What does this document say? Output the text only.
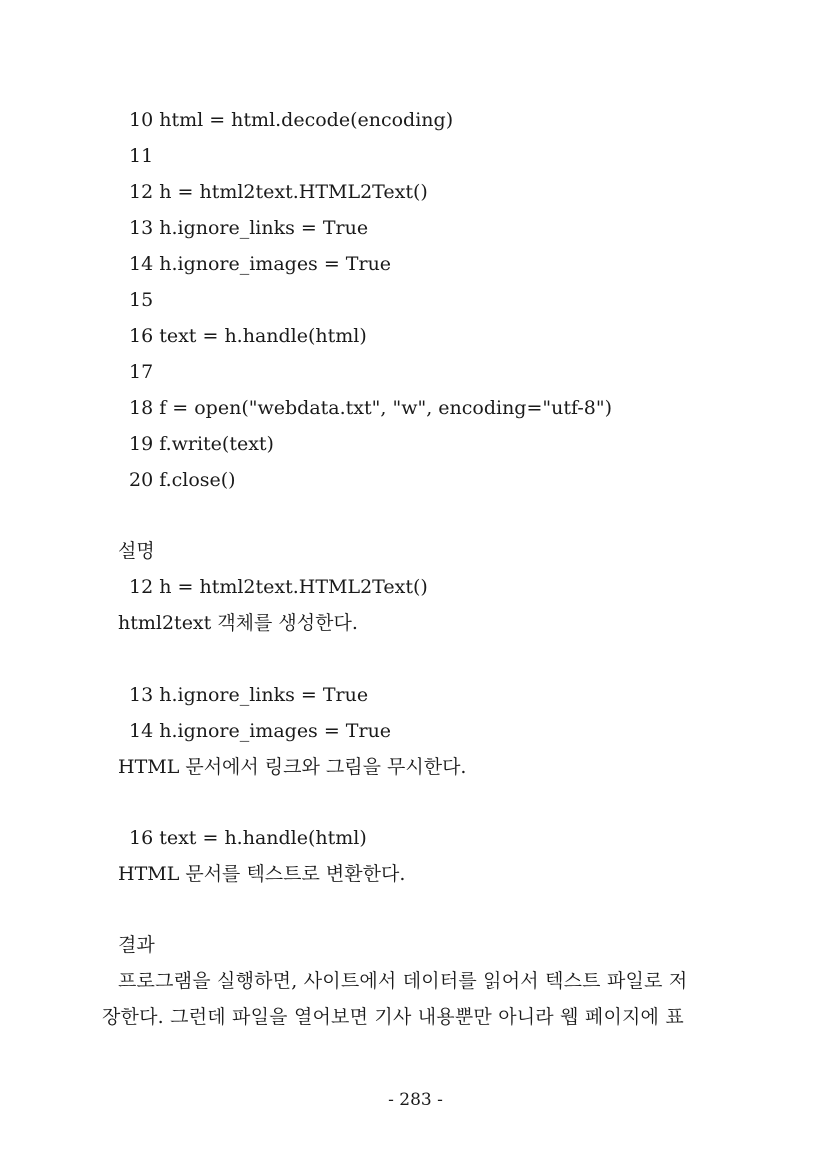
10 html = html.decode(encoding)

11

12 h = html2text.HTML2Text()

13 h.ignore_links = True

14 h.ignore_images = True

15

16 text = h.handle(html)

17

18 f = open("webdata.txt", "w", encoding="utf-8")

19 f.write(text)

20 f.close()

설명

12 h = html2text.HTML2Text()

html2text 객체를 생성한다.

13 h.ignore_links = True

14 h.ignore_images = True

HTML 문서에서 링크와 그림을 무시한다.

16 text = h.handle(html)

HTML 문서를 텍스트로 변환한다.

결과

프로그램을 실행하면, 사이트에서 데이터를 읽어서 텍스트 파일로 저

장한다. 그런데 파일을 열어보면 기사 내용뿐만 아니라 웹 페이지에 표

- 283 -
